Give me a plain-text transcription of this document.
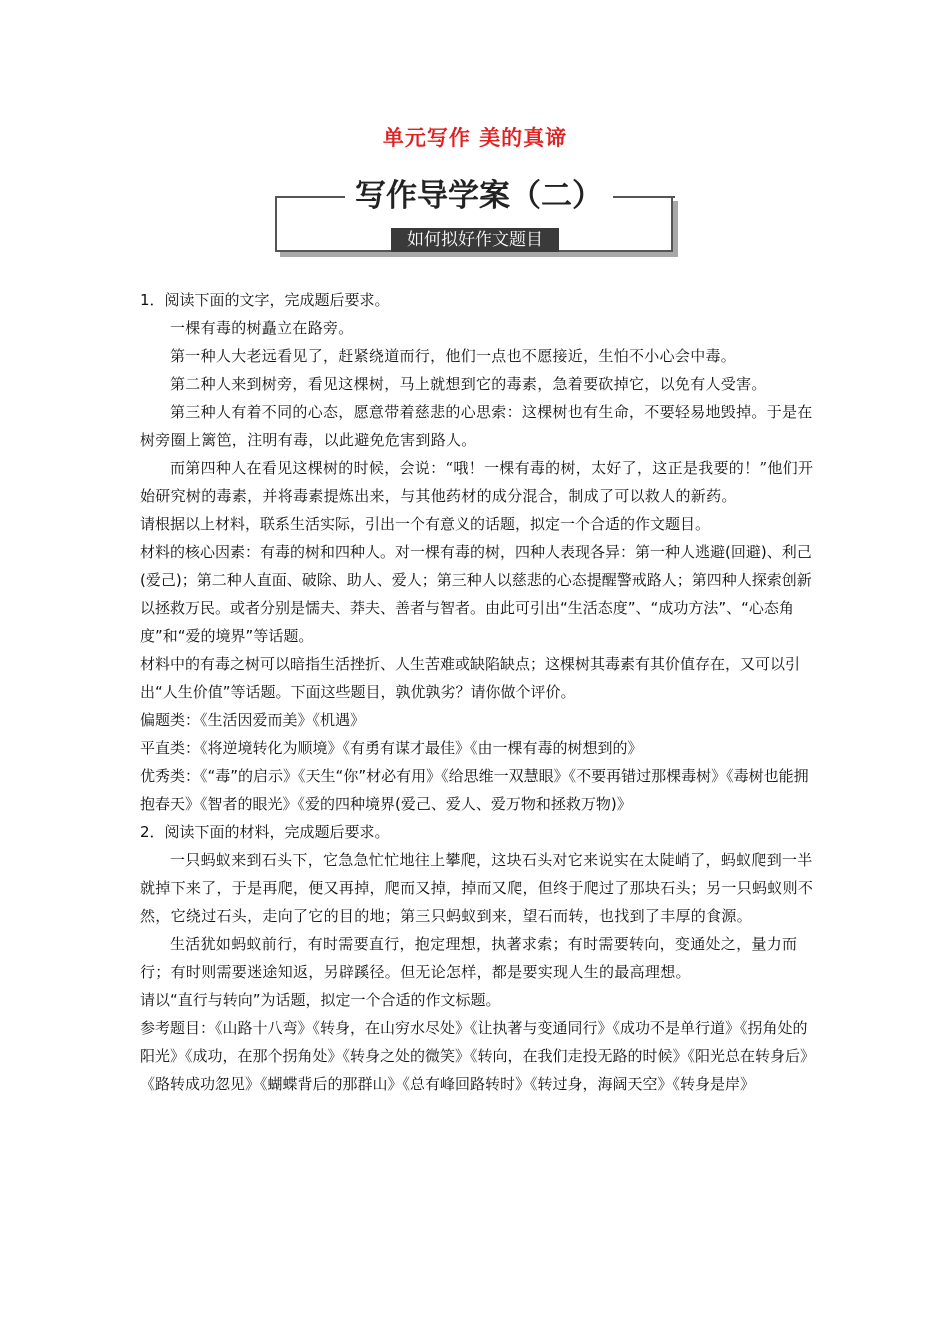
单元写作 美的真谛
写作导学案（二）
如何拟好作文题目

1．阅读下面的文字，完成题后要求。

一棵有毒的树矗立在路旁。

第一种人大老远看见了，赶紧绕道而行，他们一点也不愿接近，生怕不小心会中毒。

第二种人来到树旁，看见这棵树，马上就想到它的毒素，急着要砍掉它，以免有人受害。

第三种人有着不同的心态，愿意带着慈悲的心思索：这棵树也有生命，不要轻易地毁掉。于是在树旁圈上篱笆，注明有毒，以此避免危害到路人。

而第四种人在看见这棵树的时候，会说：“哦！一棵有毒的树，太好了，这正是我要的！”他们开始研究树的毒素，并将毒素提炼出来，与其他药材的成分混合，制成了可以救人的新药。

请根据以上材料，联系生活实际，引出一个有意义的话题，拟定一个合适的作文题目。

材料的核心因素：有毒的树和四种人。对一棵有毒的树，四种人表现各异：第一种人逃避(回避)、利己(爱己)；第二种人直面、破除、助人、爱人；第三种人以慈悲的心态提醒警戒路人；第四种人探索创新以拯救万民。或者分别是懦夫、莽夫、善者与智者。由此可引出“生活态度”、“成功方法”、“心态角度”和“爱的境界”等话题。

材料中的有毒之树可以暗指生活挫折、人生苦难或缺陷缺点；这棵树其毒素有其价值存在，又可以引出“人生价值”等话题。下面这些题目，孰优孰劣？请你做个评价。

偏题类：《生活因爱而美》《机遇》

平直类：《将逆境转化为顺境》《有勇有谋才最佳》《由一棵有毒的树想到的》

优秀类：《“毒”的启示》《天生“你”材必有用》《给思维一双慧眼》《不要再错过那棵毒树》《毒树也能拥抱春天》《智者的眼光》《爱的四种境界(爱己、爱人、爱万物和拯救万物)》

2．阅读下面的材料，完成题后要求。

一只蚂蚁来到石头下，它急急忙忙地往上攀爬，这块石头对它来说实在太陡峭了，蚂蚁爬到一半就掉下来了，于是再爬，便又再掉，爬而又掉，掉而又爬，但终于爬过了那块石头；另一只蚂蚁则不然，它绕过石头，走向了它的目的地；第三只蚂蚁到来，望石而转，也找到了丰厚的食源。

生活犹如蚂蚁前行，有时需要直行，抱定理想，执著求索；有时需要转向，变通处之，量力而行；有时则需要迷途知返，另辟蹊径。但无论怎样，都是要实现人生的最高理想。

请以“直行与转向”为话题，拟定一个合适的作文标题。

参考题目：《山路十八弯》《转身，在山穷水尽处》《让执著与变通同行》《成功不是单行道》《拐角处的阳光》《成功，在那个拐角处》《转身之处的微笑》《转向，在我们走投无路的时候》《阳光总在转身后》《路转成功忽见》《蝴蝶背后的那群山》《总有峰回路转时》《转过身，海阔天空》《转身是岸》
